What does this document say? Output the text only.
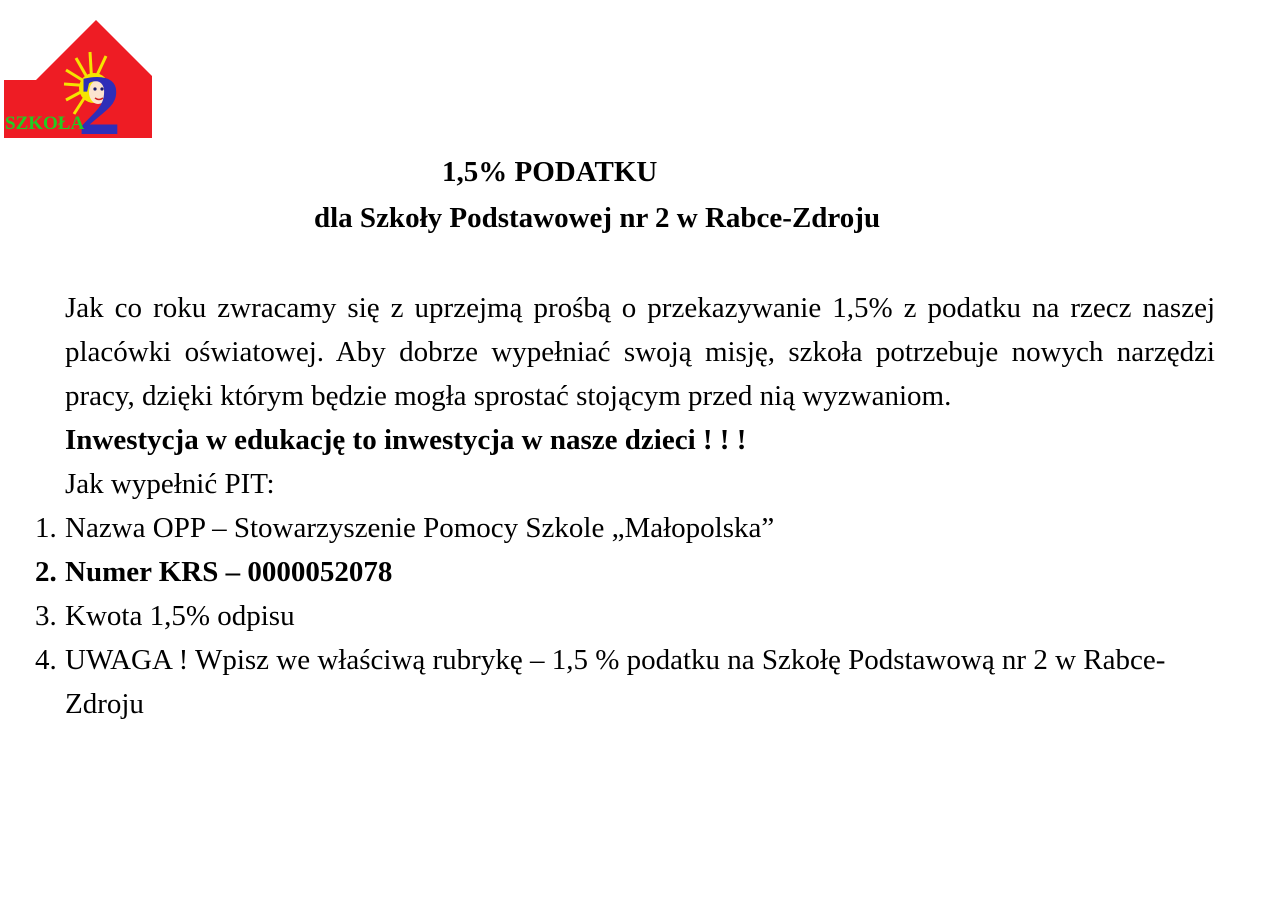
2
SZKOŁA
1,5% PODATKU
dla Szkoły Podstawowej nr 2 w Rabce-Zdroju

Jak co roku zwracamy się z uprzejmą prośbą o przekazywanie 1,5% z podatku na rzecz naszej placówki oświatowej. Aby dobrze wypełniać swoją misję, szkoła potrzebuje nowych narzędzi pracy, dzięki którym będzie mogła sprostać stojącym przed nią wyzwaniom.

Inwestycja w edukację to inwestycja w nasze dzieci ! ! !

Jak wypełnić PIT:

1. Nazwa OPP – Stowarzyszenie Pomocy Szkole „Małopolska”
2. Numer KRS – 0000052078
3. Kwota 1,5% odpisu
4. UWAGA ! Wpisz we właściwą rubrykę – 1,5 % podatku na Szkołę Podstawową nr 2 w Rabce-Zdroju
